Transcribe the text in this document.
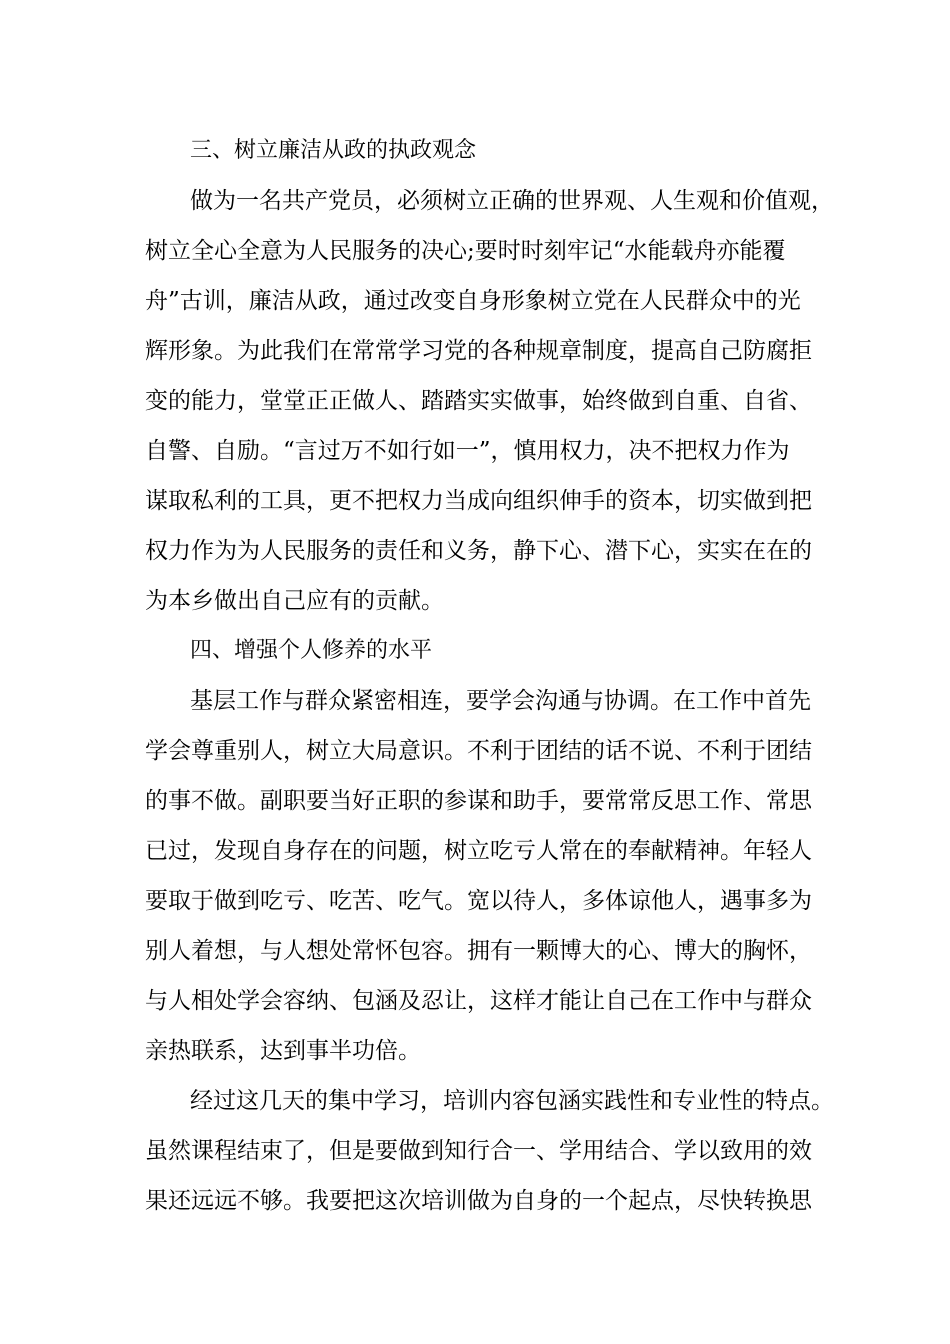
三、树立廉洁从政的执政观念
做为一名共产党员，必须树立正确的世界观、人生观和价值观，
树立全心全意为人民服务的决心;要时时刻牢记“水能载舟亦能覆
舟”古训，廉洁从政，通过改变自身形象树立党在人民群众中的光
辉形象。为此我们在常常学习党的各种规章制度，提高自己防腐拒
变的能力，堂堂正正做人、踏踏实实做事，始终做到自重、自省、
自警、自励。“言过万不如行如一”，慎用权力，决不把权力作为
谋取私利的工具，更不把权力当成向组织伸手的资本，切实做到把
权力作为为人民服务的责任和义务，静下心、潜下心，实实在在的
为本乡做出自己应有的贡献。
四、增强个人修养的水平
基层工作与群众紧密相连，要学会沟通与协调。在工作中首先
学会尊重别人，树立大局意识。不利于团结的话不说、不利于团结
的事不做。副职要当好正职的参谋和助手，要常常反思工作、常思
已过，发现自身存在的问题，树立吃亏人常在的奉献精神。年轻人
要取于做到吃亏、吃苦、吃气。宽以待人，多体谅他人，遇事多为
别人着想，与人想处常怀包容。拥有一颗博大的心、博大的胸怀，
与人相处学会容纳、包涵及忍让，这样才能让自己在工作中与群众
亲热联系，达到事半功倍。
经过这几天的集中学习，培训内容包涵实践性和专业性的特点。
虽然课程结束了，但是要做到知行合一、学用结合、学以致用的效
果还远远不够。我要把这次培训做为自身的一个起点，尽快转换思
